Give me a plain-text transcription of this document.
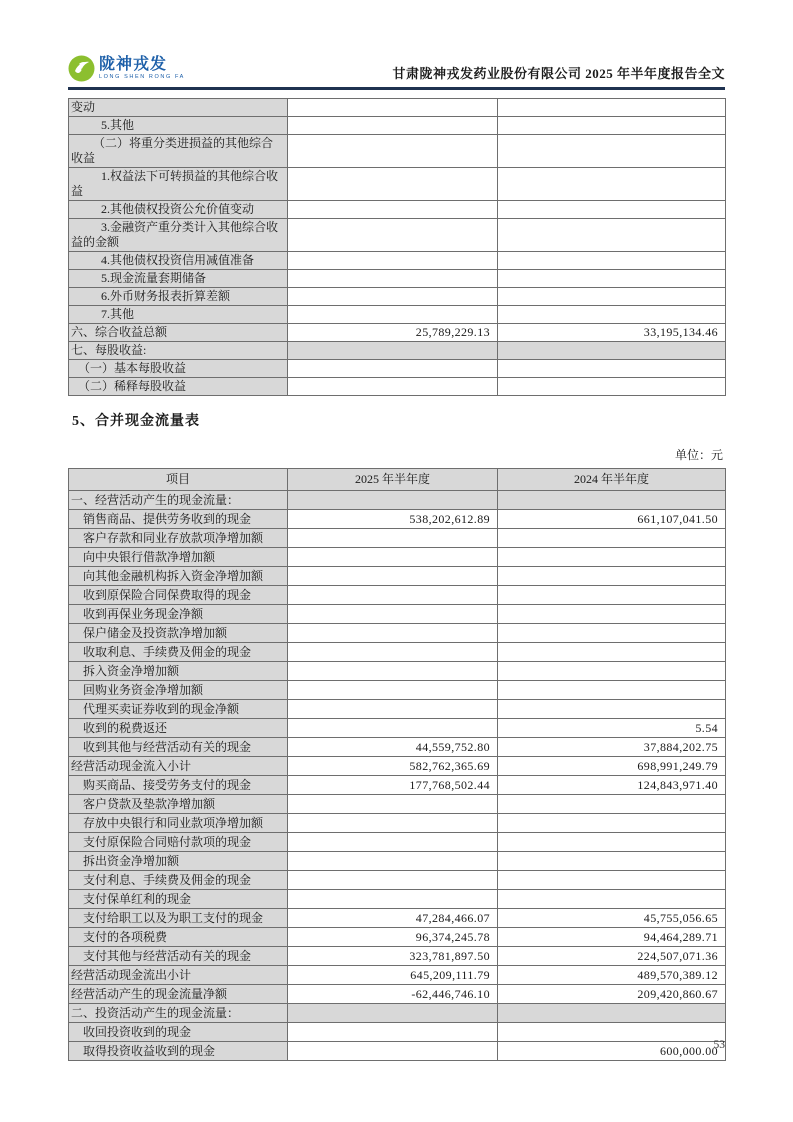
陇神戎发
LONG SHEN RONG FA	甘肃陇神戎发药业股份有限公司 2025 年半年度报告全文
变动		
5.其他		
（二）将重分类进损益的其他综合收益		
1.权益法下可转损益的其他综合收益		
2.其他债权投资公允价值变动		
3.金融资产重分类计入其他综合收益的金额		
4.其他债权投资信用减值准备		
5.现金流量套期储备		
6.外币财务报表折算差额		
7.其他		
六、综合收益总额	25,789,229.13	33,195,134.46
七、每股收益:		
（一）基本每股收益		
（二）稀释每股收益		
5、合并现金流量表
单位：元
项目	2025 年半年度	2024 年半年度
一、经营活动产生的现金流量：		
销售商品、提供劳务收到的现金	538,202,612.89	661,107,041.50
客户存款和同业存放款项净增加额		
向中央银行借款净增加额		
向其他金融机构拆入资金净增加额		
收到原保险合同保费取得的现金		
收到再保业务现金净额		
保户储金及投资款净增加额		
收取利息、手续费及佣金的现金		
拆入资金净增加额		
回购业务资金净增加额		
代理买卖证券收到的现金净额		
收到的税费返还		5.54
收到其他与经营活动有关的现金	44,559,752.80	37,884,202.75
经营活动现金流入小计	582,762,365.69	698,991,249.79
购买商品、接受劳务支付的现金	177,768,502.44	124,843,971.40
客户贷款及垫款净增加额		
存放中央银行和同业款项净增加额		
支付原保险合同赔付款项的现金		
拆出资金净增加额		
支付利息、手续费及佣金的现金		
支付保单红利的现金		
支付给职工以及为职工支付的现金	47,284,466.07	45,755,056.65
支付的各项税费	96,374,245.78	94,464,289.71
支付其他与经营活动有关的现金	323,781,897.50	224,507,071.36
经营活动现金流出小计	645,209,111.79	489,570,389.12
经营活动产生的现金流量净额	-62,446,746.10	209,420,860.67
二、投资活动产生的现金流量：		
收回投资收到的现金		
取得投资收益收到的现金		600,000.00
53
